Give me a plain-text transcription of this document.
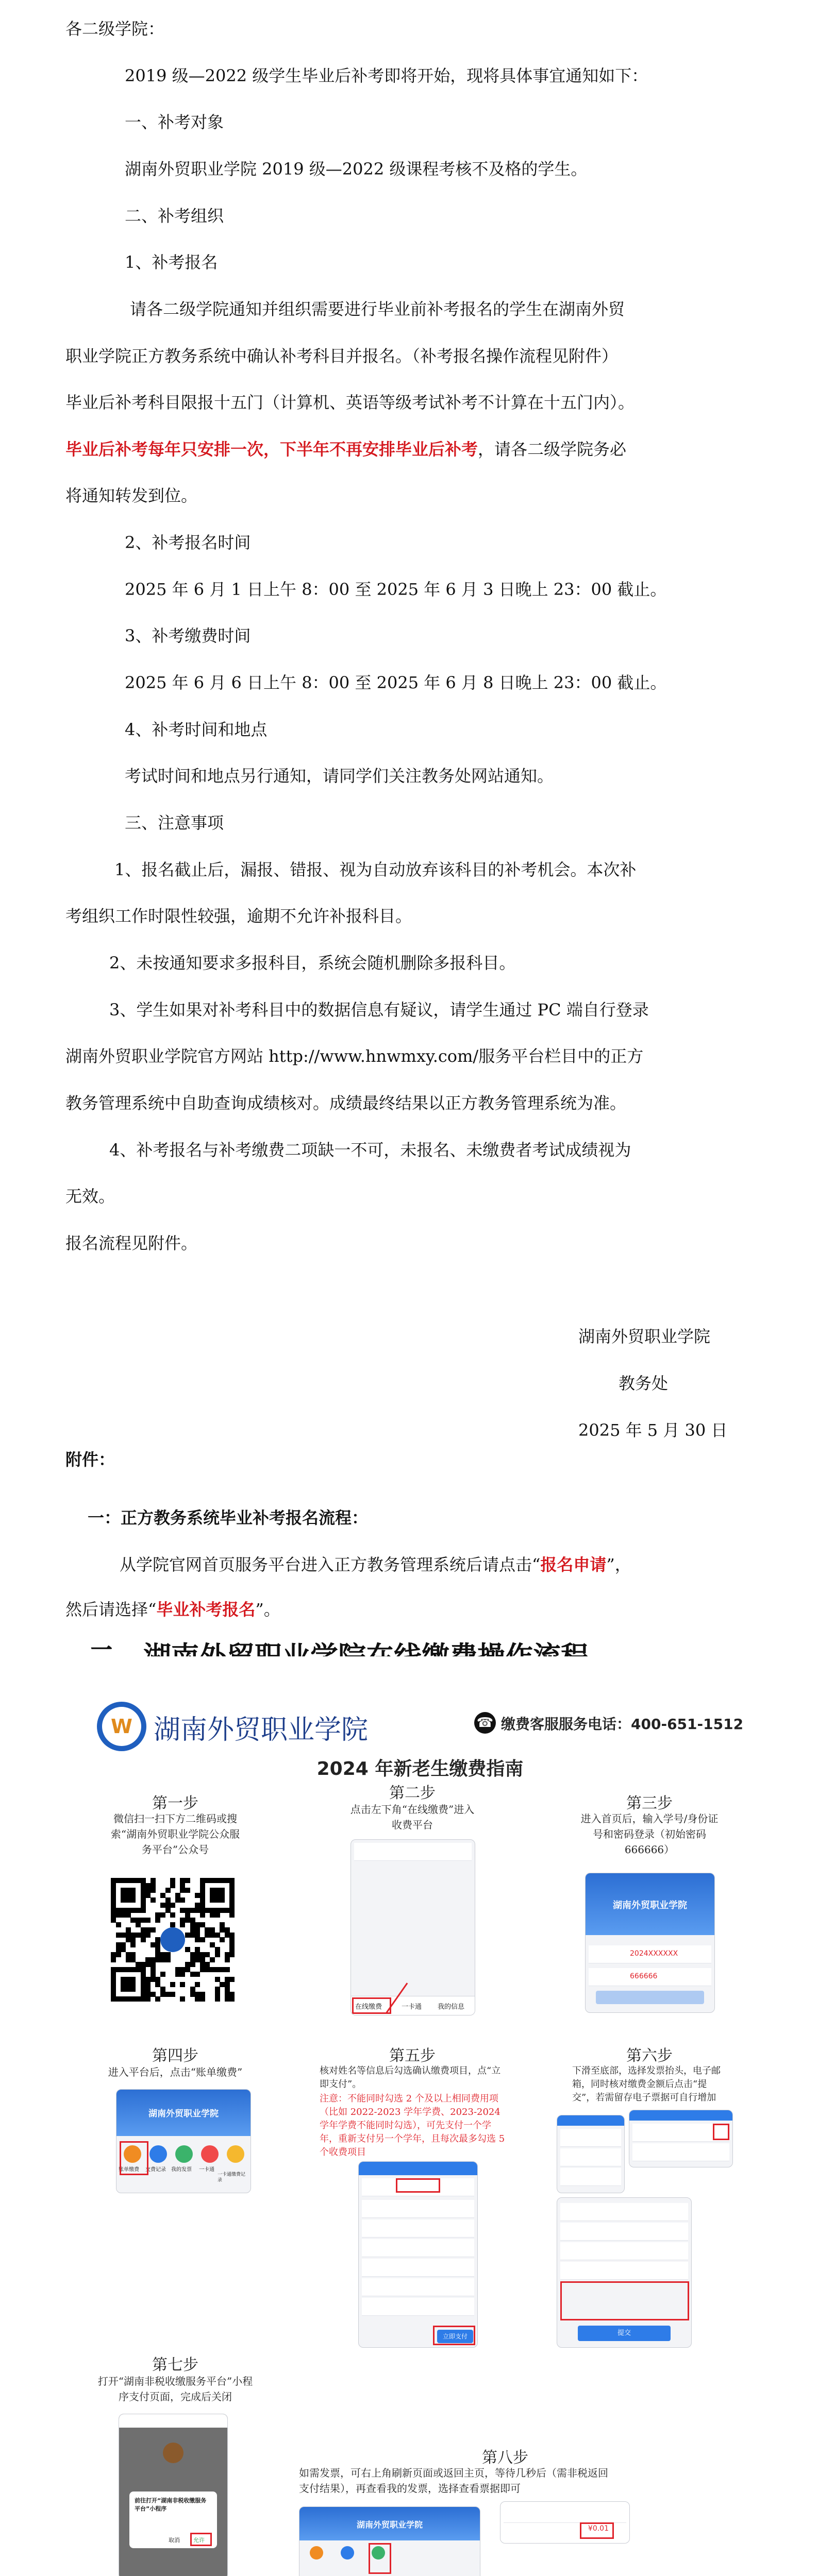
各二级学院：
2019 级—2022 级学生毕业后补考即将开始，现将具体事宜通知如下：
一、补考对象
湖南外贸职业学院 2019 级—2022 级课程考核不及格的学生。
二、补考组织
1、补考报名
请各二级学院通知并组织需要进行毕业前补考报名的学生在湖南外贸
职业学院正方教务系统中确认补考科目并报名。（补考报名操作流程见附件）
毕业后补考科目限报十五门（计算机、英语等级考试补考不计算在十五门内）。
毕业后补考每年只安排一次，下半年不再安排毕业后补考，请各二级学院务必
将通知转发到位。
2、补考报名时间
2025 年 6 月 1 日上午 8：00 至 2025 年 6 月 3 日晚上 23：00 截止。
3、补考缴费时间
2025 年 6 月 6 日上午 8：00 至 2025 年 6 月 8 日晚上 23：00 截止。
4、补考时间和地点
考试时间和地点另行通知，请同学们关注教务处网站通知。
三、注意事项
1、报名截止后，漏报、错报、视为自动放弃该科目的补考机会。本次补
考组织工作时限性较强，逾期不允许补报科目。
2、未按通知要求多报科目，系统会随机删除多报科目。
3、学生如果对补考科目中的数据信息有疑议，请学生通过 PC 端自行登录
湖南外贸职业学院官方网站 http://www.hnwmxy.com/服务平台栏目中的正方
教务管理系统中自助查询成绩核对。成绩最终结果以正方教务管理系统为准。
4、补考报名与补考缴费二项缺一不可，未报名、未缴费者考试成绩视为
无效。
报名流程见附件。
湖南外贸职业学院
教务处
2025 年 5 月 30 日
附件：
一：正方教务系统毕业补考报名流程：
从学院官网首页服务平台进入正方教务管理系统后请点击“报名申请”，
然后请选择“毕业补考报名”。
W 湖南外贸职业学院	☎ 缴费客服服务电话：400-651-1512
2024 年新老生缴费指南
第一步
微信扫一扫下方二维码或搜索“湖南外贸职业学院公众服务平台”公众号
第二步
点击左下角“在线缴费”进入收费平台
在线缴费	一卡通 我的信息
第三步
进入首页后，输入学号/身份证号和密码登录（初始密码 666666）
湖南外贸职业学院
2024XXXXXX
666666
第四步
进入平台后，点击“账单缴费”
湖南外贸职业学院
账单缴费 交费记录 我的发票 一卡通
一卡通缴费记录
第五步
核对姓名等信息后勾选确认缴费项目，点“立即支付”。
注意：不能同时勾选 2 个及以上相同费用项（比如 2022-2023 学年学费、2023-2024 学年学费不能同时勾选），可先支付一个学年，重新支付另一个学年，且每次最多勾选 5 个收费项目
立即支付
第六步
下滑至底部，选择发票抬头，电子邮箱，同时核对缴费金额后点击“提交”，若需留存电子票据可自行增加
提交
第七步
打开“湖南非税收缴服务平台”小程序支付页面，完成后关闭
前往打开“湖南非税收缴服务平台”小程序
取消 允许
第八步
如需发票，可右上角刷新页面或返回主页，等待几秒后（需非税返回支付结果），再查看我的发票，选择查看票据即可
湖南外贸职业学院	¥0.01
